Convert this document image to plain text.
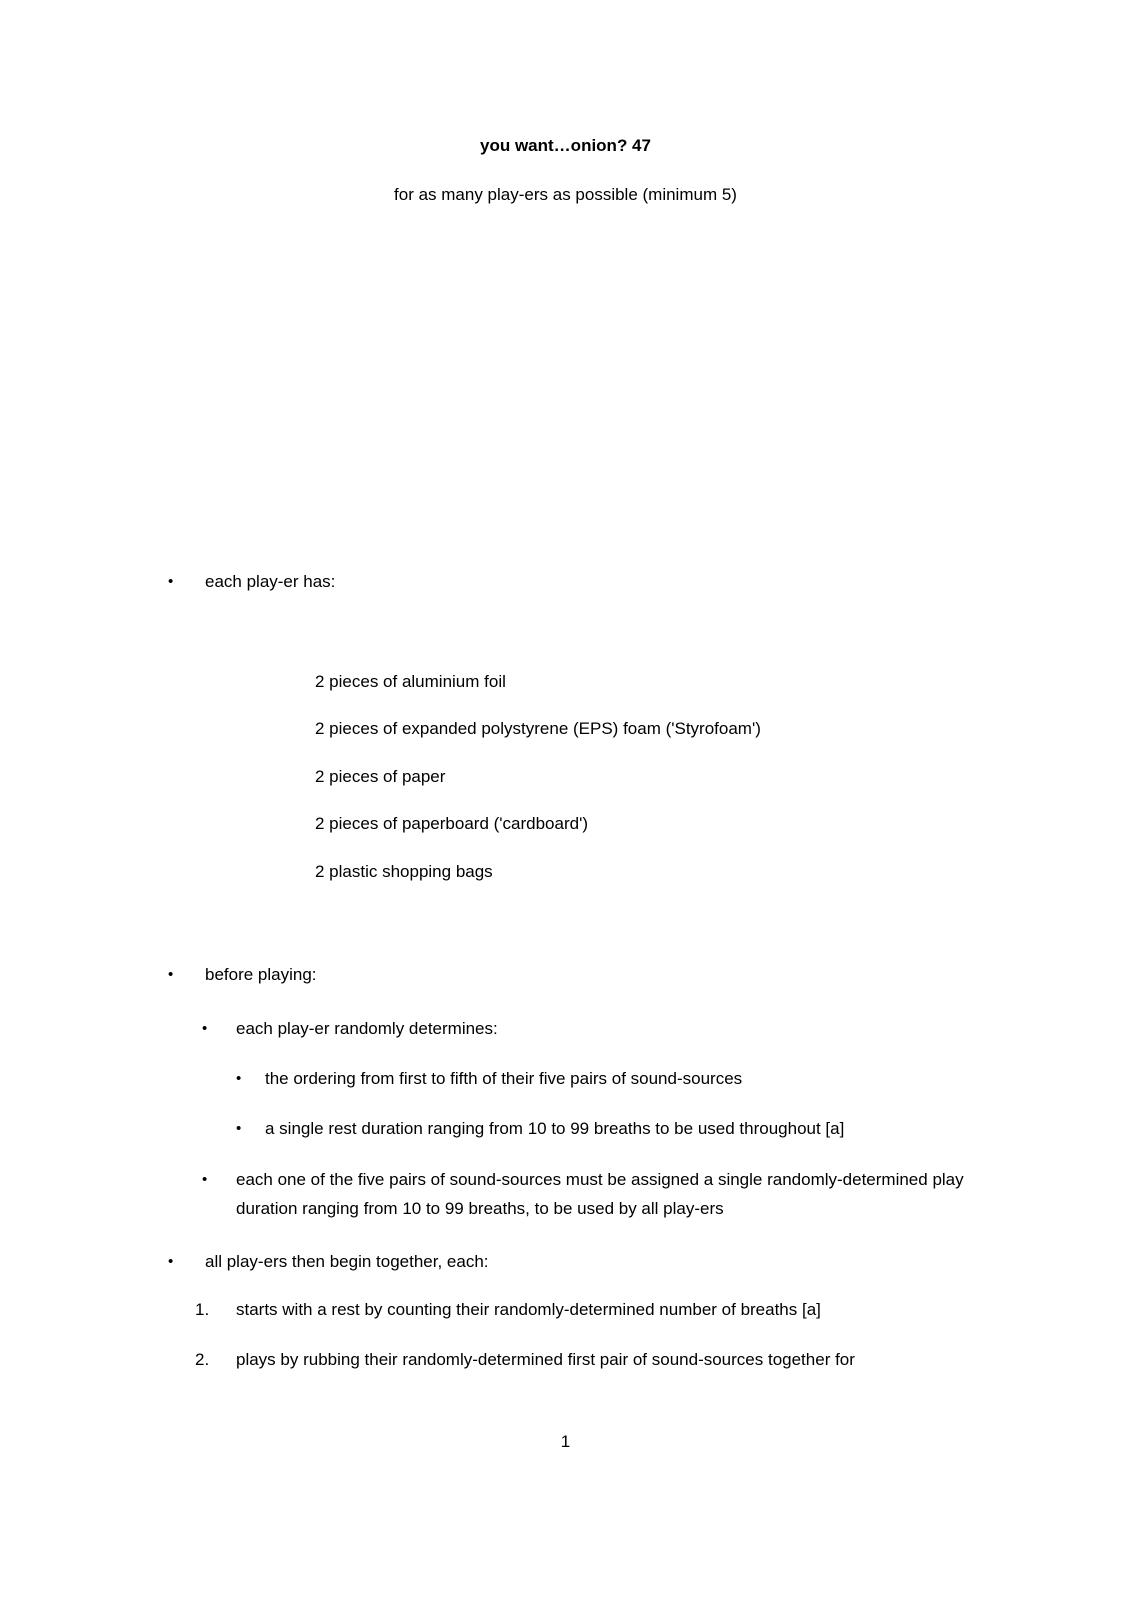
you want…onion? 47
for as many play-ers as possible (minimum 5)
•	each play-er has:
2 pieces of aluminium foil
2 pieces of expanded polystyrene (EPS) foam ('Styrofoam')
2 pieces of paper
2 pieces of paperboard ('cardboard')
2 plastic shopping bags
•	before playing:
•	each play-er randomly determines:
•	the ordering from first to fifth of their five pairs of sound-sources
•	a single rest duration ranging from 10 to 99 breaths to be used throughout [a]
•	each one of the five pairs of sound-sources must be assigned a single randomly-determined play duration ranging from 10 to 99 breaths, to be used by all play-ers
•	all play-ers then begin together, each:
1.	starts with a rest by counting their randomly-determined number of breaths [a]
2.	plays by rubbing their randomly-determined first pair of sound-sources together for
1
